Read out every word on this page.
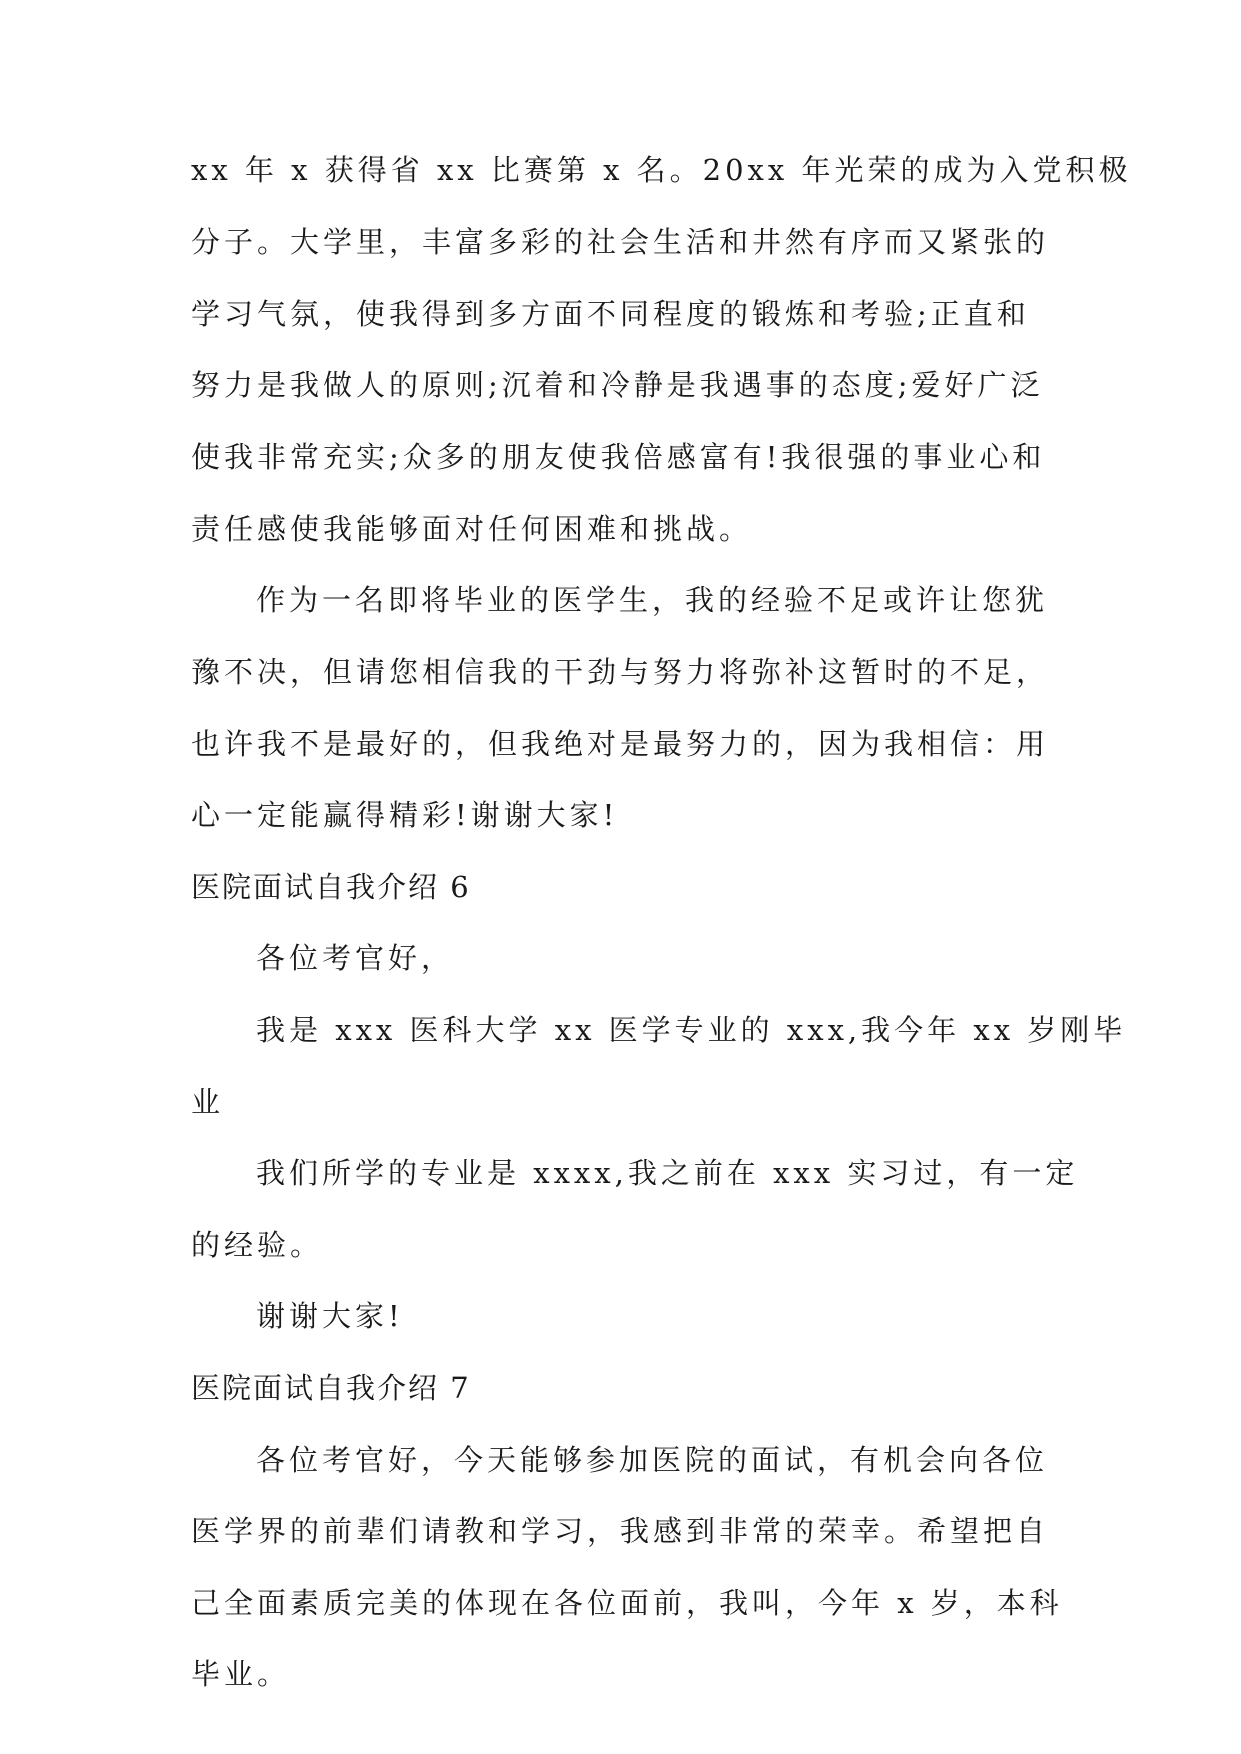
xx 年 x 获得省 xx 比赛第 x 名。20xx 年光荣的成为入党积极
分子。大学里，丰富多彩的社会生活和井然有序而又紧张的
学习气氛，使我得到多方面不同程度的锻炼和考验;正直和
努力是我做人的原则;沉着和冷静是我遇事的态度;爱好广泛
使我非常充实;众多的朋友使我倍感富有!我很强的事业心和
责任感使我能够面对任何困难和挑战。
作为一名即将毕业的医学生，我的经验不足或许让您犹
豫不决，但请您相信我的干劲与努力将弥补这暂时的不足，
也许我不是最好的，但我绝对是最努力的，因为我相信：用
心一定能赢得精彩!谢谢大家!
医院面试自我介绍 6
各位考官好，
我是 xxx 医科大学 xx 医学专业的 xxx,我今年 xx 岁刚毕
业
我们所学的专业是 xxxx,我之前在 xxx 实习过，有一定
的经验。
谢谢大家!
医院面试自我介绍 7
各位考官好，今天能够参加医院的面试，有机会向各位
医学界的前辈们请教和学习，我感到非常的荣幸。希望把自
己全面素质完美的体现在各位面前，我叫，今年 x 岁，本科
毕业。
